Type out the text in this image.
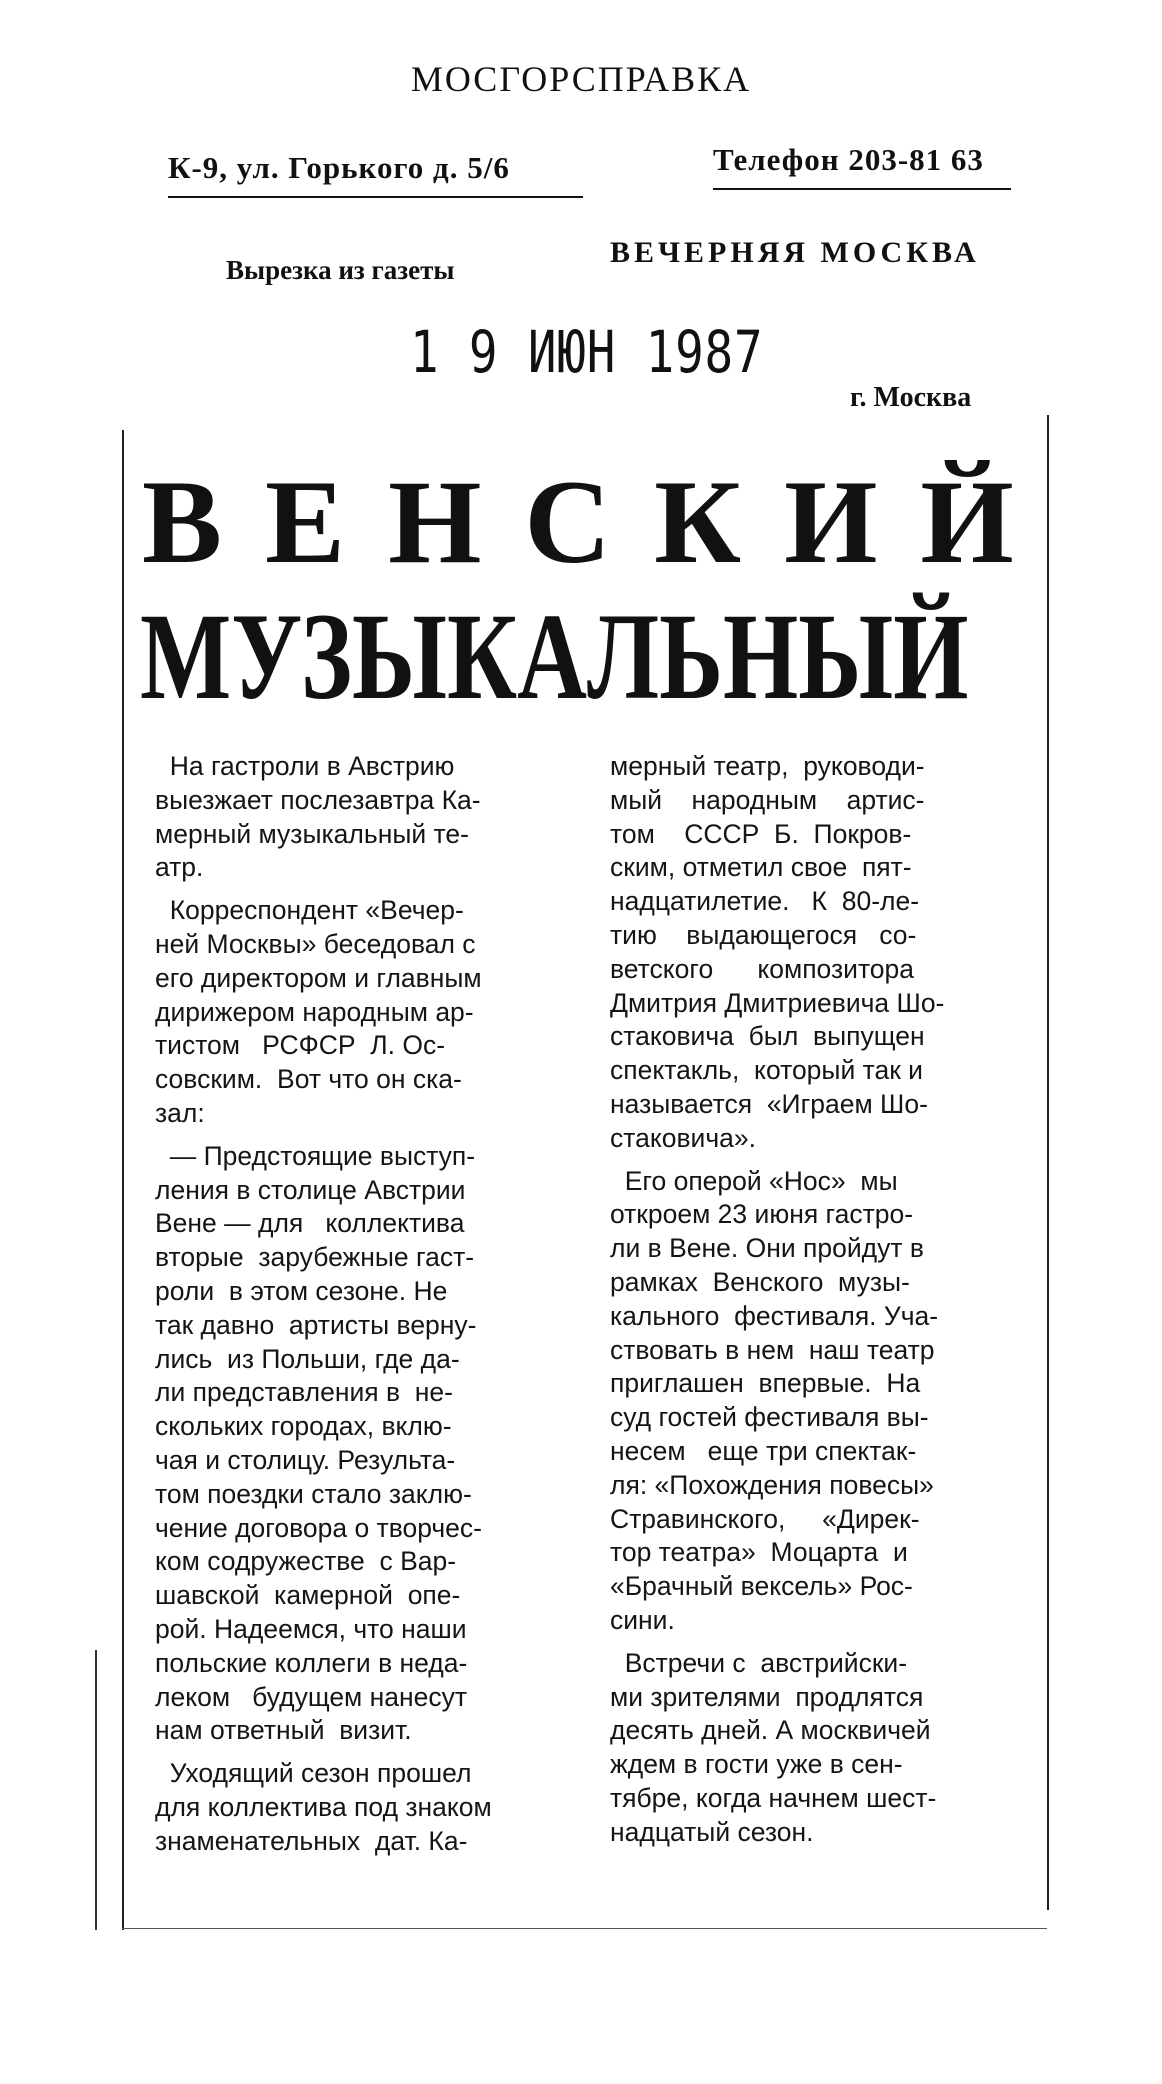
МОСГОРСПРАВКА
К-9, ул. Горького д. 5/6	Телефон 203-81 63
Вырезка из газеты
ВЕЧЕРНЯЯ МОСКВА
1 9 ИЮН 1987
г. Москва
ВЕНСКИЙ
МУЗЫКАЛЬНЫЙ

На гастроли в Австрию
выезжает послезавтра Ка-
мерный музыкальный те-
атр.

Корреспондент «Вечер-
ней Москвы» беседовал с
его директором и главным
дирижером народным ар-
тистом   РСФСР  Л. Ос-
совским.  Вот что он ска-
зал:

— Предстоящие выступ-
ления в столице Австрии
Вене — для   коллектива
вторые  зарубежные гаст-
роли  в этом сезоне. Не
так давно  артисты верну-
лись  из Польши, где да-
ли представления в  не-
скольких городах, вклю-
чая и столицу. Результа-
том поездки стало заклю-
чение договора о творчес-
ком содружестве  с Вар-
шавской  камерной  опе-
рой. Надеемся, что наши
польские коллеги в неда-
леком   будущем нанесут
нам ответный  визит.

Уходящий сезон прошел
для коллектива под знаком
знаменательных  дат. Ка-

мерный театр,  руководи-
мый    народным    артис-
том    СССР  Б.  Покров-
ским, отметил свое  пят-
надцатилетие.   К  80-ле-
тию    выдающегося   со-
ветского      композитора
Дмитрия Дмитриевича Шо-
стаковича  был  выпущен
спектакль,  который так и
называется  «Играем Шо-
стаковича».

Его оперой «Нос»  мы
откроем 23 июня гастро-
ли в Вене. Они пройдут в
рамках  Венского  музы-
кального  фестиваля. Уча-
ствовать в нем  наш театр
приглашен  впервые.  На
суд гостей фестиваля вы-
несем   еще три спектак-
ля: «Похождения повесы»
Стравинского,     «Дирек-
тор театра»  Моцарта  и
«Брачный вексель» Рос-
сини.

Встречи с  австрийски-
ми зрителями  продлятся
десять дней. А москвичей
ждем в гости уже в сен-
тябре, когда начнем шест-
надцатый сезон.
